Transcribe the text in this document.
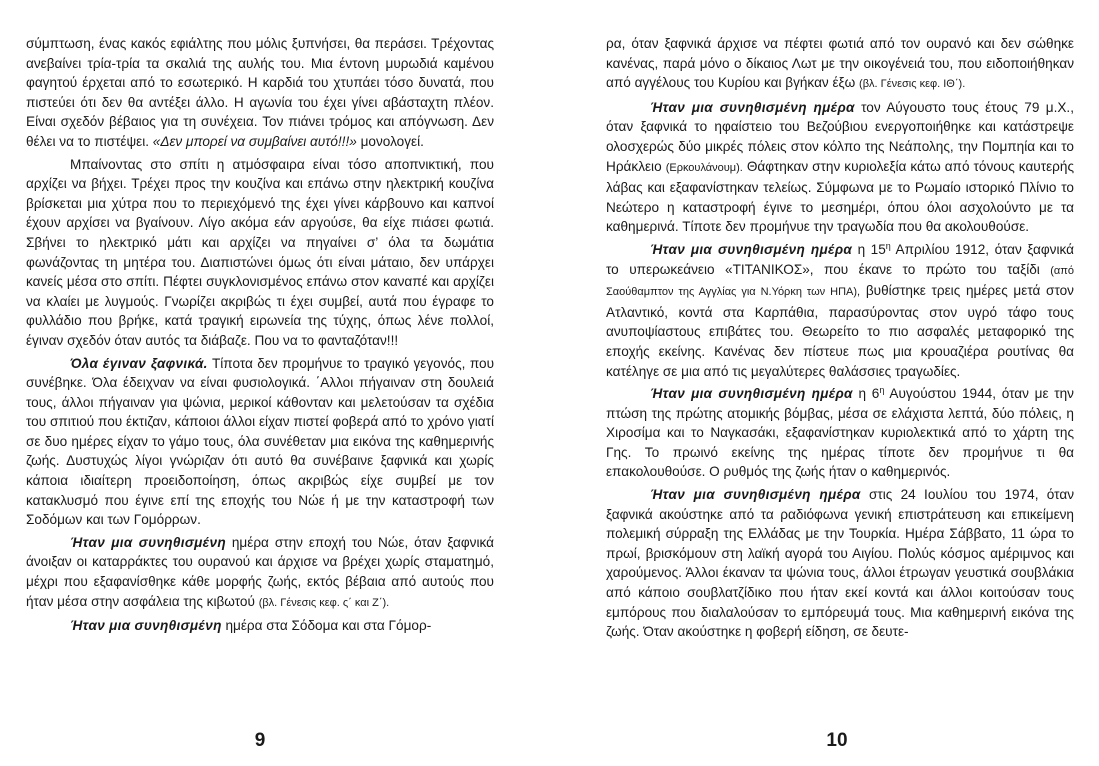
σύμπτωση, ένας κακός εφιάλτης που μόλις ξυπνήσει, θα περάσει. Τρέχοντας ανεβαίνει τρία-τρία τα σκαλιά της αυλής του. Μια έντονη μυρωδιά καμένου φαγητού έρχεται από το εσωτερικό. Η καρδιά του χτυπάει τόσο δυνατά, που πιστεύει ότι δεν θα αντέξει άλλο. Η αγωνία του έχει γίνει αβάσταχτη πλέον. Είναι σχεδόν βέβαιος για τη συνέχεια. Τον πιάνει τρόμος και απόγνωση. Δεν θέλει να το πιστέψει. «Δεν μπορεί να συμβαίνει αυτό!!!» μονολογεί.

Μπαίνοντας στο σπίτι η ατμόσφαιρα είναι τόσο αποπνικτική, που αρχίζει να βήχει. Τρέχει προς την κουζίνα και επάνω στην ηλεκτρική κουζίνα βρίσκεται μια χύτρα που το περιεχόμενό της έχει γίνει κάρβουνο και καπνοί έχουν αρχίσει να βγαίνουν. Λίγο ακόμα εάν αργούσε, θα είχε πιάσει φωτιά. Σβήνει το ηλεκτρικό μάτι και αρχίζει να πηγαίνει σ’ όλα τα δωμάτια φωνάζοντας τη μητέρα του. Διαπιστώνει όμως ότι είναι μάταιο, δεν υπάρχει κανείς μέσα στο σπίτι. Πέφτει συγκλονισμένος επάνω στον καναπέ και αρχίζει να κλαίει με λυγμούς. Γνωρίζει ακριβώς τι έχει συμβεί, αυτά που έγραφε το φυλλάδιο που βρήκε, κατά τραγική ειρωνεία της τύχης, όπως λένε πολλοί, έγιναν σχεδόν όταν αυτός τα διάβαζε. Που να το φανταζόταν!!!

Όλα έγιναν ξαφνικά. Τίποτα δεν προμήνυε το τραγικό γεγονός, που συνέβηκε. Όλα έδειχναν να είναι φυσιολογικά. ΄Αλλοι πήγαιναν στη δουλειά τους, άλλοι πήγαιναν για ψώνια, μερικοί κάθονταν και μελετούσαν τα σχέδια του σπιτιού που έκτιζαν, κάποιοι άλλοι είχαν πιστεί φοβερά από το χρόνο γιατί σε δυο ημέρες είχαν το γάμο τους, όλα συνέθεταν μια εικόνα της καθημερινής ζωής. Δυστυχώς λίγοι γνώριζαν ότι αυτό θα συνέβαινε ξαφνικά και χωρίς κάποια ιδιαίτερη προειδοποίηση, όπως ακριβώς είχε συμβεί με τον κατακλυσμό που έγινε επί της εποχής του Νώε ή με την καταστροφή των Σοδόμων και των Γομόρρων.

Ήταν μια συνηθισμένη ημέρα στην εποχή του Νώε, όταν ξαφνικά άνοιξαν οι καταρράκτες του ουρανού και άρχισε να βρέχει χωρίς σταματημό, μέχρι που εξαφανίσθηκε κάθε μορφής ζωής, εκτός βέβαια από αυτούς που ήταν μέσα στην ασφάλεια της κιβωτού (βλ. Γένεσις κεφ. ς΄ και Ζ΄).

Ήταν μια συνηθισμένη ημέρα στα Σόδομα και στα Γόμορ-

ρα, όταν ξαφνικά άρχισε να πέφτει φωτιά από τον ουρανό και δεν σώθηκε κανένας, παρά μόνο ο δίκαιος Λωτ με την οικογένειά του, που ειδοποιήθηκαν από αγγέλους του Κυρίου και βγήκαν έξω (βλ. Γένεσις κεφ. ΙΘ΄).

Ήταν μια συνηθισμένη ημέρα τον Αύγουστο τους έτους 79 μ.Χ., όταν ξαφνικά το ηφαίστειο του Βεζούβιου ενεργοποιήθηκε και κατάστρεψε ολοσχερώς δύο μικρές πόλεις στον κόλπο της Νεάπολης, την Πομπηία και το Ηράκλειο (Ερκουλάνουμ). Θάφτηκαν στην κυριολεξία κάτω από τόνους καυτερής λάβας και εξαφανίστηκαν τελείως. Σύμφωνα με το Ρωμαίο ιστορικό Πλίνιο το Νεώτερο η καταστροφή έγινε το μεσημέρι, όπου όλοι ασχολούντο με τα καθημερινά. Τίποτε δεν προμήνυε την τραγωδία που θα ακολουθούσε.

Ήταν μια συνηθισμένη ημέρα η $15^\eta$ Απριλίου 1912, όταν ξαφνικά το υπερωκεάνειο «ΤΙΤΑΝΙΚΟΣ», που έκανε το πρώτο του ταξίδι (από Σαούθαμπτον της Αγγλίας για Ν.Υόρκη των ΗΠΑ), βυθίστηκε τρεις ημέρες μετά στον Ατλαντικό, κοντά στα Καρπάθια, παρασύροντας στον υγρό τάφο τους ανυποψίαστους επιβάτες του. Θεωρείτο το πιο ασφαλές μεταφορικό της εποχής εκείνης. Κανένας δεν πίστευε πως μια κρουαζιέρα ρουτίνας θα κατέληγε σε μια από τις μεγαλύτερες θαλάσσιες τραγωδίες.

Ήταν μια συνηθισμένη ημέρα η $6^\eta$ Αυγούστου 1944, όταν με την πτώση της πρώτης ατομικής βόμβας, μέσα σε ελάχιστα λεπτά, δύο πόλεις, η Χιροσίμα και το Ναγκασάκι, εξαφανίστηκαν κυριολεκτικά από το χάρτη της Γης. Το πρωινό εκείνης της ημέρας τίποτε δεν προμήνυε τι θα επακολουθούσε. Ο ρυθμός της ζωής ήταν ο καθημερινός.

Ήταν μια συνηθισμένη ημέρα στις 24 Ιουλίου του 1974, όταν ξαφνικά ακούστηκε από τα ραδιόφωνα γενική επιστράτευση και επικείμενη πολεμική σύρραξη της Ελλάδας με την Τουρκία. Ημέρα Σάββατο, 11 ώρα το πρωί, βρισκόμουν στη λαϊκή αγορά του Αιγίου. Πολύς κόσμος αμέριμνος και χαρούμενος. Άλλοι έκαναν τα ψώνια τους, άλλοι έτρωγαν γευστικά σουβλάκια από κάποιο σουβλατζίδικο που ήταν εκεί κοντά και άλλοι κοιτούσαν τους εμπόρους που διαλαλούσαν το εμπόρευμά τους. Μια καθημερινή εικόνα της ζωής. Όταν ακούστηκε η φοβερή είδηση, σε δευτε-

9	10
